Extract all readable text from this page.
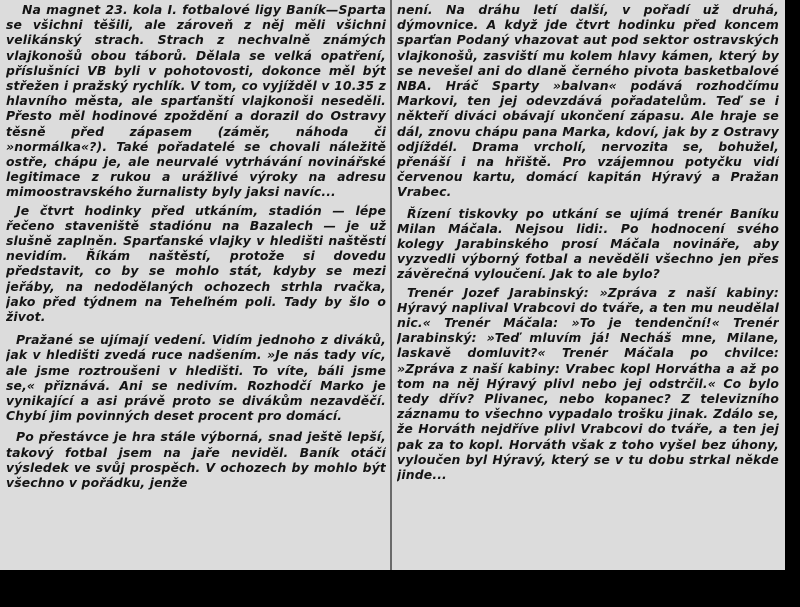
Na magnet 23. kola I. fotbalové ligy Baník—Sparta se všichni těšili, ale zároveň z něj měli všichni velikánský strach. Strach z nechvalně známých vlajkonošů obou táborů. Dělala se velká opatření, příslušníci VB byli v pohotovosti, dokonce měl být střežen i pražský rychlík. V tom, co vyjížděl v 10.35 z hlavního města, ale sparťanští vlajkonoši neseděli. Přesto měl hodinové zpoždění a dorazil do Ostravy těsně před zápasem (záměr, náhoda či »normálka«?). Také pořadatelé se chovali náležitě ostře, chápu je, ale neurvalé vytrhávání novinářské legitimace z rukou a urážlivé výroky na adresu mimoostravského žurnalisty byly jaksi navíc...

Je čtvrt hodinky před utkáním, stadión — lépe řečeno staveniště stadiónu na Bazalech — je už slušně zaplněn. Sparťanské vlajky v hledišti naštěstí nevidím. Říkám naštěstí, protože si dovedu představit, co by se mohlo stát, kdyby se mezi jeřáby, na nedodělaných ochozech strhla rvačka, jako před týdnem na Teheľném poli. Tady by šlo o život.

Pražané se ujímají vedení. Vidím jednoho z diváků, jak v hledišti zvedá ruce nadšením. »Je nás tady víc, ale jsme roztroušeni v hledišti. To víte, báli jsme se,« přiznává. Ani se nedivím. Rozhodčí Marko je vynikající a asi právě proto se divákům nezavděčí. Chybí jim povinných deset procent pro domácí.

Po přestávce je hra stále výborná, snad ještě lepší, takový fotbal jsem na jaře neviděl. Baník otáčí výsledek ve svůj prospěch. V ochozech by mohlo být všechno v pořádku, jenže

není. Na dráhu letí další, v pořadí už druhá, dýmovnice. A když jde čtvrt hodinku před koncem sparťan Podaný vhazovat aut pod sektor ostravských vlajkonošů, zasviští mu kolem hlavy kámen, který by se nevešel ani do dlaně černého pivota basketbalové NBA. Hráč Sparty »balvan« podává rozhodčímu Markovi, ten jej odevzdává pořadatelům. Teď se i někteří diváci obávají ukončení zápasu. Ale hraje se dál, znovu chápu pana Marka, kdoví, jak by z Ostravy odjíždél. Drama vrcholí, nervozita se, bohužel, přenáší i na hřiště. Pro vzájemnou potyčku vidí červenou kartu, domácí kapitán Hýravý a Pražan Vrabec.

Řízení tiskovky po utkání se ujímá trenér Baníku Milan Máčala. Nejsou lidi:. Po hodnocení svého kolegy Jarabinského prosí Máčala novináře, aby vyzvedli výborný fotbal a nevěděli všechno jen přes závěrečná vyloučení. Jak to ale bylo?

Trenér Jozef Jarabinský: »Zpráva z naší kabiny: Hýravý naplival Vrabcovi do tváře, a ten mu neudělal nic.« Trenér Máčala: »To je tendenční!« Trenér Jarabinský: »Teď mluvím já! Necháš mne, Milane, laskavě domluvit?« Trenér Máčala po chvilce: »Zpráva z naší kabiny: Vrabec kopl Horvátha a až po tom na něj Hýravý plivl nebo jej odstrčil.« Co bylo tedy dřív? Plivanec, nebo kopanec? Z televizního záznamu to všechno vypadalo trošku jinak. Zdálo se, že Horváth nejdříve plivl Vrabcovi do tváře, a ten jej pak za to kopl. Horváth však z toho vyšel bez úhony, vyloučen byl Hýravý, který se v tu dobu strkal někde jinde...
